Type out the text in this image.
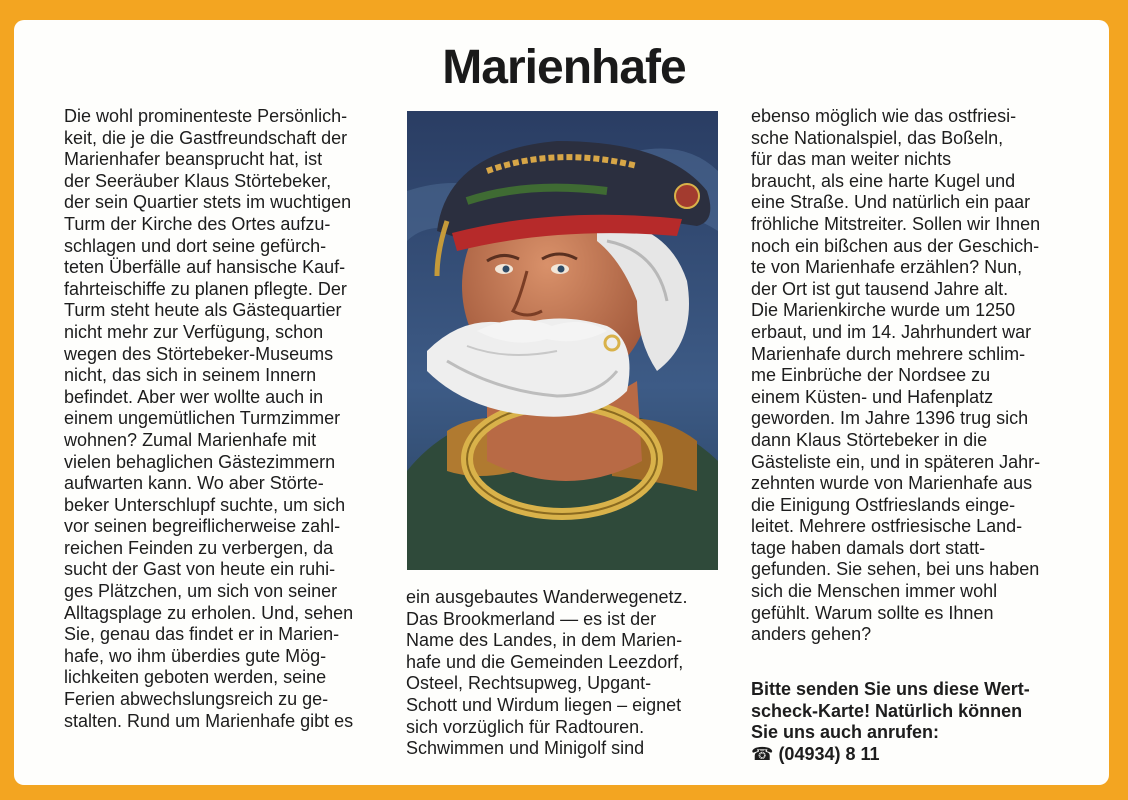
Marienhafe
Die wohl prominenteste Persönlich-
keit, die je die Gastfreundschaft der
Marienhafer beansprucht hat, ist
der Seeräuber Klaus Störtebeker,
der sein Quartier stets im wuchtigen
Turm der Kirche des Ortes aufzu-
schlagen und dort seine gefürch-
teten Überfälle auf hansische Kauf-
fahrteischiffe zu planen pflegte. Der
Turm steht heute als Gästequartier
nicht mehr zur Verfügung, schon
wegen des Störtebeker-Museums
nicht, das sich in seinem Innern
befindet. Aber wer wollte auch in
einem ungemütlichen Turmzimmer
wohnen? Zumal Marienhafe mit
vielen behaglichen Gästezimmern
aufwarten kann. Wo aber Störte-
beker Unterschlupf suchte, um sich
vor seinen begreiflicherweise zahl-
reichen Feinden zu verbergen, da
sucht der Gast von heute ein ruhi-
ges Plätzchen, um sich von seiner
Alltagsplage zu erholen. Und, sehen
Sie, genau das findet er in Marien-
hafe, wo ihm überdies gute Mög-
lichkeiten geboten werden, seine
Ferien abwechslungsreich zu ge-
stalten. Rund um Marienhafe gibt es
ein ausgebautes Wanderwegenetz.
Das Brookmerland — es ist der
Name des Landes, in dem Marien-
hafe und die Gemeinden Leezdorf,
Osteel, Rechtsupweg, Upgant-
Schott und Wirdum liegen – eignet
sich vorzüglich für Radtouren.
Schwimmen und Minigolf sind
ebenso möglich wie das ostfriesi-
sche Nationalspiel, das Boßeln,
für das man weiter nichts
braucht, als eine harte Kugel und
eine Straße. Und natürlich ein paar
fröhliche Mitstreiter. Sollen wir Ihnen
noch ein bißchen aus der Geschich-
te von Marienhafe erzählen? Nun,
der Ort ist gut tausend Jahre alt.
Die Marienkirche wurde um 1250
erbaut, und im 14. Jahrhundert war
Marienhafe durch mehrere schlim-
me Einbrüche der Nordsee zu
einem Küsten- und Hafenplatz
geworden. Im Jahre 1396 trug sich
dann Klaus Störtebeker in die
Gästeliste ein, und in späteren Jahr-
zehnten wurde von Marienhafe aus
die Einigung Ostfrieslands einge-
leitet. Mehrere ostfriesische Land-
tage haben damals dort statt-
gefunden. Sie sehen, bei uns haben
sich die Menschen immer wohl
gefühlt. Warum sollte es Ihnen
anders gehen?
Bitte senden Sie uns diese Wert-
scheck-Karte! Natürlich können
Sie uns auch anrufen:
☎ (04934) 8 11
